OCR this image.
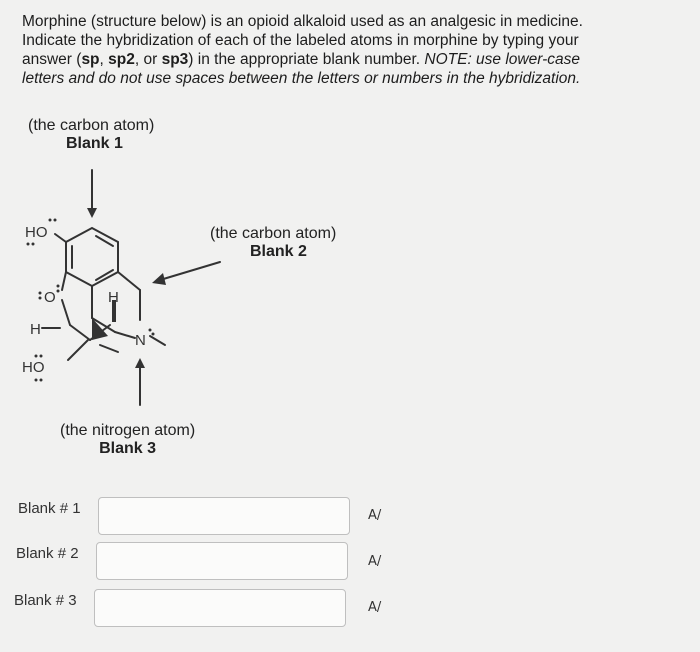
Morphine (structure below) is an opioid alkaloid used as an analgesic in medicine.
Indicate the hybridization of each of the labeled atoms in morphine by typing your
answer (sp, sp2, or sp3) in the appropriate blank number. NOTE: use lower-case
letters and do not use spaces between the letters or numbers in the hybridization.
(the carbon atom)
Blank 1
(the carbon atom)
Blank 2
(the nitrogen atom)
Blank 3
HO
O
H
H
N
HO
Blank # 1	A/
Blank # 2	A/
Blank # 3	A/
